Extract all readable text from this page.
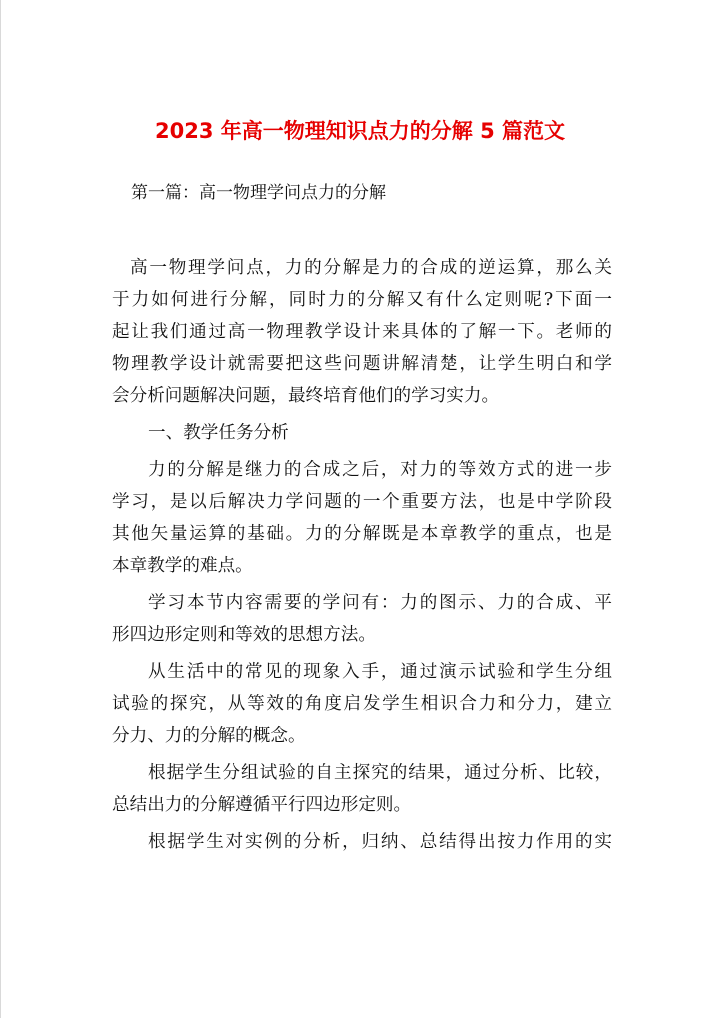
2023 年高一物理知识点力的分解 5 篇范文
第一篇：高一物理学问点力的分解

高一物理学问点，力的分解是力的合成的逆运算，那么关
于力如何进行分解，同时力的分解又有什么定则呢?下面一
起让我们通过高一物理教学设计来具体的了解一下。老师的
物理教学设计就需要把这些问题讲解清楚，让学生明白和学
会分析问题解决问题，最终培育他们的学习实力。

一、教学任务分析

力的分解是继力的合成之后，对力的等效方式的进一步
学习，是以后解决力学问题的一个重要方法，也是中学阶段
其他矢量运算的基础。力的分解既是本章教学的重点，也是
本章教学的难点。

学习本节内容需要的学问有：力的图示、力的合成、平
形四边形定则和等效的思想方法。

从生活中的常见的现象入手，通过演示试验和学生分组
试验的探究，从等效的角度启发学生相识合力和分力，建立
分力、力的分解的概念。

根据学生分组试验的自主探究的结果，通过分析、比较，
总结出力的分解遵循平行四边形定则。

根据学生对实例的分析，归纳、总结得出按力作用的实
